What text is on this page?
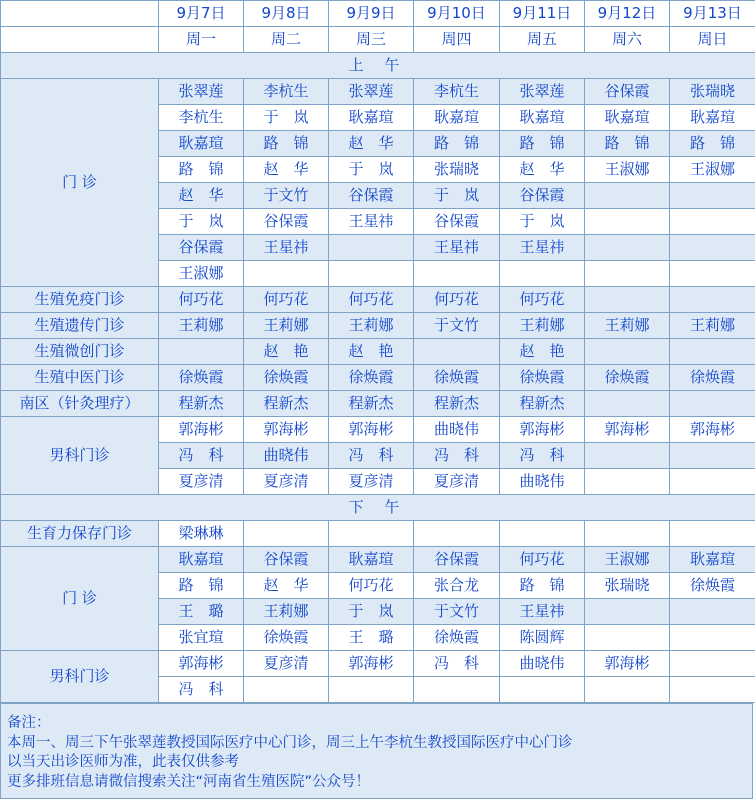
	9月7日	9月8日	9月9日	9月10日	9月11日	9月12日	9月13日
	周一	周二	周三	周四	周五	周六	周日
上 午							
门 诊	张翠莲	李杭生	张翠莲	李杭生	张翠莲	谷保霞	张瑞晓
	李杭生	于　岚	耿嘉瑄	耿嘉瑄	耿嘉瑄	耿嘉瑄	耿嘉瑄
	耿嘉瑄	路　锦	赵　华	路　锦	路　锦	路　锦	路　锦
	路　锦	赵　华	于　岚	张瑞晓	赵　华	王淑娜	王淑娜
	赵　华	于文竹	谷保霞	于　岚	谷保霞		
	于　岚	谷保霞	王星祎	谷保霞	于　岚		
	谷保霞	王星祎		王星祎	王星祎		
	王淑娜						
生殖免疫门诊	何巧花	何巧花	何巧花	何巧花	何巧花		
生殖遗传门诊	王莉娜	王莉娜	王莉娜	于文竹	王莉娜	王莉娜	王莉娜
生殖微创门诊		赵　艳	赵　艳		赵　艳		
生殖中医门诊	徐焕霞	徐焕霞	徐焕霞	徐焕霞	徐焕霞	徐焕霞	徐焕霞
南区（针灸理疗）	程新杰	程新杰	程新杰	程新杰	程新杰		
男科门诊	郭海彬	郭海彬	郭海彬	曲晓伟	郭海彬	郭海彬	郭海彬
	冯　科	曲晓伟	冯　科	冯　科	冯　科		
	夏彦清	夏彦清	夏彦清	夏彦清	曲晓伟		
下 午							
生育力保存门诊	梁琳琳						
门 诊	耿嘉瑄	谷保霞	耿嘉瑄	谷保霞	何巧花	王淑娜	耿嘉瑄
	路　锦	赵　华	何巧花	张合龙	路　锦	张瑞晓	徐焕霞
	王　璐	王莉娜	于　岚	于文竹	王星祎		
	张宜瑄	徐焕霞	王　璐	徐焕霞	陈圆辉		
男科门诊	郭海彬	夏彦清	郭海彬	冯　科	曲晓伟	郭海彬	
	冯　科						
备注：
本周一、周三下午张翠莲教授国际医疗中心门诊，周三上午李杭生教授国际医疗中心门诊
以当天出诊医师为准，此表仅供参考
更多排班信息请微信搜索关注“河南省生殖医院”公众号！
